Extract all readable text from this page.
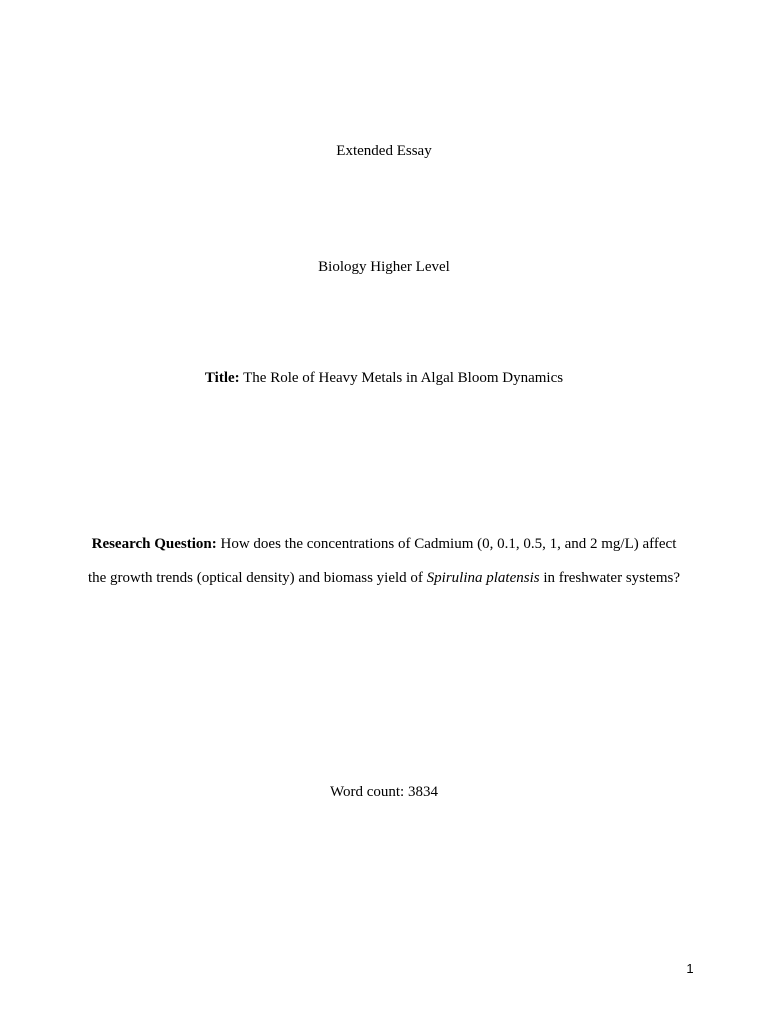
Extended Essay
Biology Higher Level
Title: The Role of Heavy Metals in Algal Bloom Dynamics
Research Question: How does the concentrations of Cadmium (0, 0.1, 0.5, 1, and 2 mg/L) affect
the growth trends (optical density) and biomass yield of Spirulina platensis in freshwater systems?
Word count: 3834
1
